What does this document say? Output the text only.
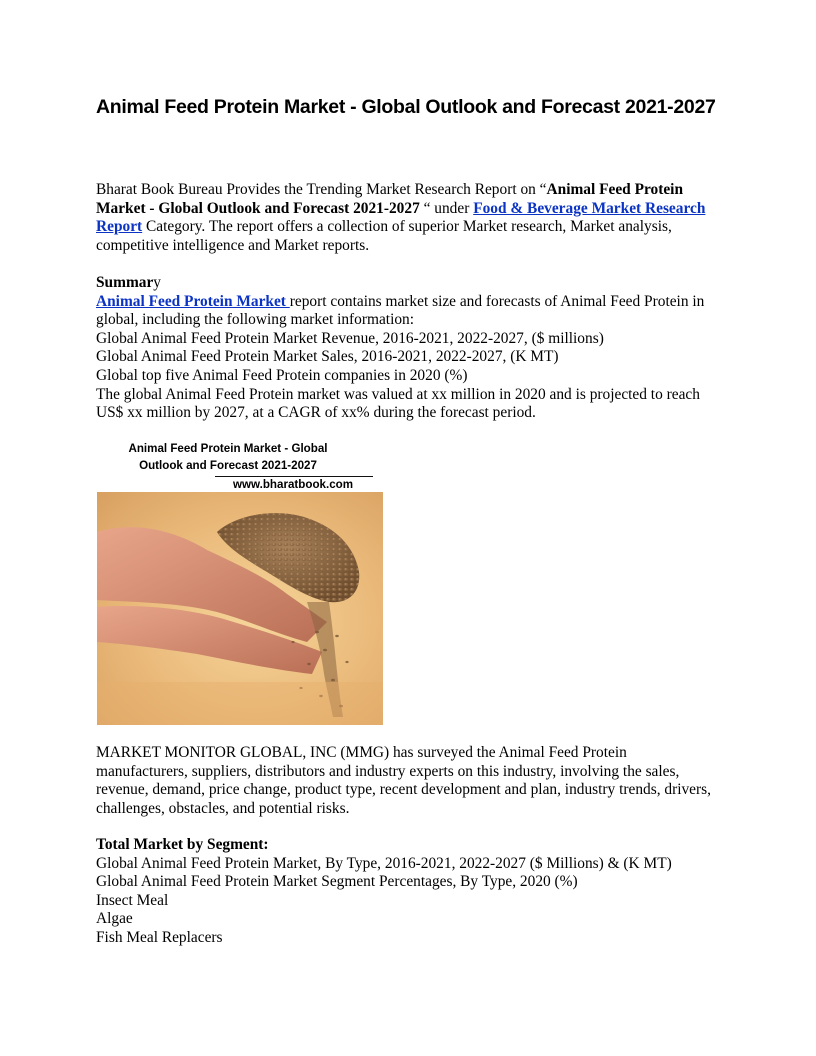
Animal Feed Protein Market - Global Outlook and Forecast 2021-2027

Bharat Book Bureau Provides the Trending Market Research Report on “Animal Feed Protein Market - Global Outlook and Forecast 2021-2027 “ under Food & Beverage Market Research Report Category. The report offers a collection of superior Market research, Market analysis, competitive intelligence and Market reports.

Summary

Animal Feed Protein Market report contains market size and forecasts of Animal Feed Protein in global, including the following market information:

Global Animal Feed Protein Market Revenue, 2016-2021, 2022-2027, ($ millions)

Global Animal Feed Protein Market Sales, 2016-2021, 2022-2027, (K MT)

Global top five Animal Feed Protein companies in 2020 (%)

The global Animal Feed Protein market was valued at xx million in 2020 and is projected to reach US$ xx million by 2027, at a CAGR of xx% during the forecast period.

Animal Feed Protein Market - Global
Outlook and Forecast 2021-2027
www.bharatbook.com

MARKET MONITOR GLOBAL, INC (MMG) has surveyed the Animal Feed Protein manufacturers, suppliers, distributors and industry experts on this industry, involving the sales, revenue, demand, price change, product type, recent development and plan, industry trends, drivers, challenges, obstacles, and potential risks.

Total Market by Segment:

Global Animal Feed Protein Market, By Type, 2016-2021, 2022-2027 ($ Millions) & (K MT)

Global Animal Feed Protein Market Segment Percentages, By Type, 2020 (%)

Insect Meal

Algae

Fish Meal Replacers
